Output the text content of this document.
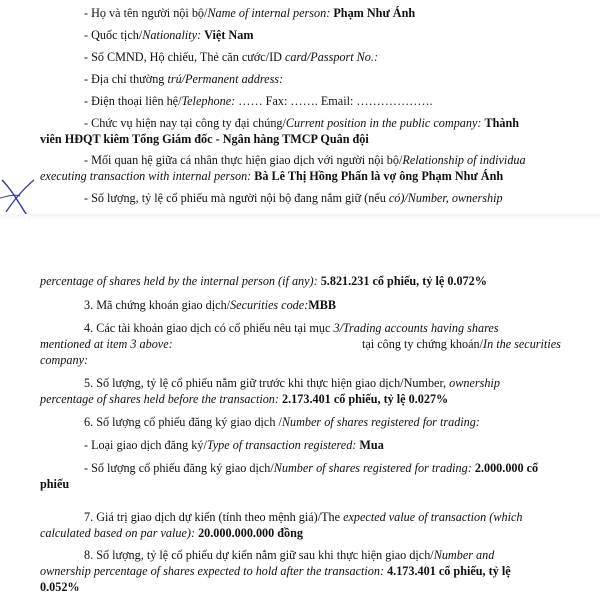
- Họ và tên người nội bộ/Name of internal person: Phạm Như Ánh
- Quốc tịch/Nationality: Việt Nam
- Số CMND, Hộ chiếu, Thẻ căn cước/ID card/Passport No.:
- Địa chỉ thường trú/Permanent address:
- Điện thoại liên hệ/Telephone: …… Fax: ……. Email: ……………….
- Chức vụ hiện nay tại công ty đại chúng/Current position in the public company: Thành
viên HĐQT kiêm Tổng Giám đốc - Ngân hàng TMCP Quân đội
- Mối quan hệ giữa cá nhân thực hiện giao dịch với người nội bộ/Relationship of individua
executing transaction with internal person: Bà Lê Thị Hồng Phấn là vợ ông Phạm Như Ánh
- Số lượng, tỷ lệ cổ phiếu mà người nội bộ đang nắm giữ (nếu có)/Number, ownership
percentage of shares held by the internal person (if any): 5.821.231 cổ phiếu, tỷ lệ 0.072%
3. Mã chứng khoán giao dịch/Securities code:MBB
4. Các tài khoản giao dịch có cổ phiếu nêu tại mục 3/Trading accounts having shares
mentioned at item 3 above:	tại công ty chứng khoán/In the securities
company:
5. Số lượng, tỷ lệ cổ phiếu nắm giữ trước khi thực hiện giao dịch/Number, ownership
percentage of shares held before the transaction: 2.173.401 cổ phiếu, tỷ lệ 0.027%
6. Số lượng cổ phiếu đăng ký giao dịch /Number of shares registered for trading:
- Loại giao dịch đăng ký/Type of transaction registered: Mua
- Số lượng cổ phiếu đăng ký giao dịch/Number of shares registered for trading: 2.000.000 cổ
phiếu
7. Giá trị giao dịch dự kiến (tính theo mệnh giá)/The expected value of transaction (which
calculated based on par value): 20.000.000.000 đồng
8. Số lượng, tỷ lệ cổ phiếu dự kiến nắm giữ sau khi thực hiện giao dịch/Number and
ownership percentage of shares expected to hold after the transaction: 4.173.401 cổ phiếu, tỷ lệ
0.052%
